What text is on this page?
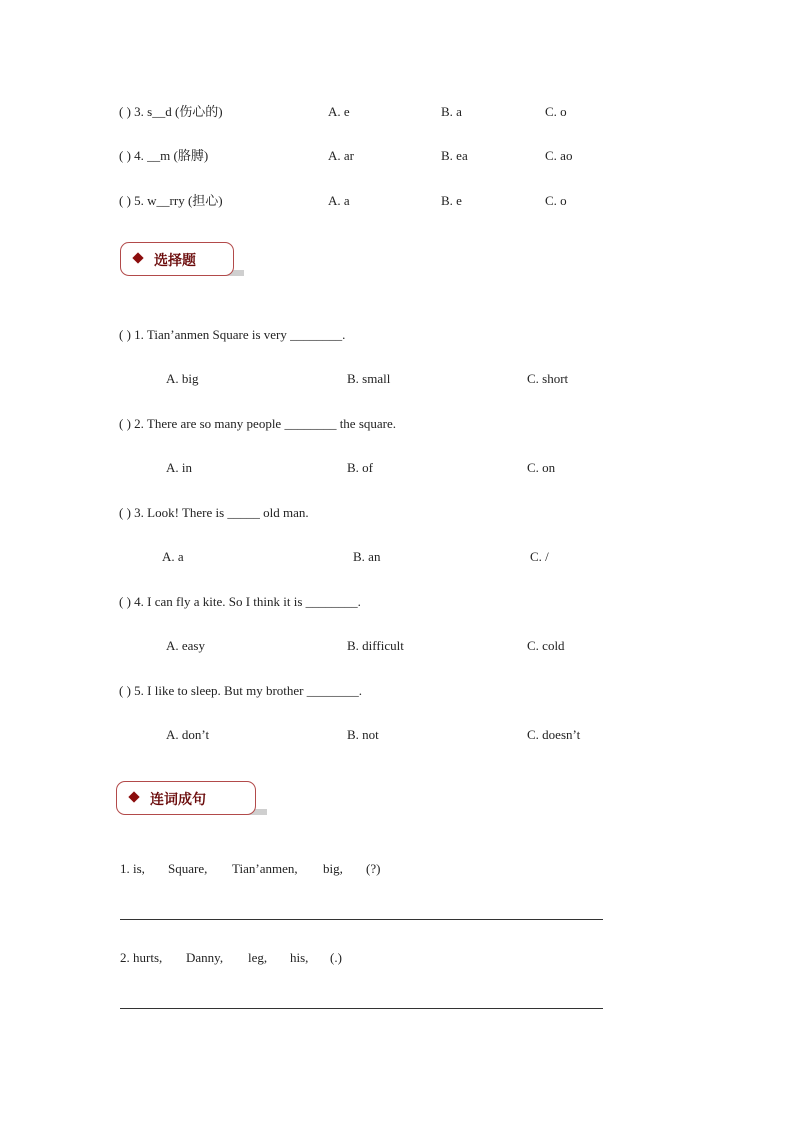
( ) 3. s__d (伤心的)	A. e	B. a	C. o
( ) 4. __m (胳膊)	A. ar	B. ea	C. ao
( ) 5. w__rry (担心)	A. a	B. e	C. o
选择题
( ) 1. Tian’anmen Square is very ________.
A. big	B. small	C. short
( ) 2. There are so many people ________ the square.
A. in	B. of	C. on
( ) 3. Look! There is _____ old man.
A. a	B. an	C. /
( ) 4. I can fly a kite. So I think it is ________.
A. easy	B. difficult	C. cold
( ) 5. I like to sleep. But my brother ________.
A. don’t	B. not	C. doesn’t
连词成句
1. is, Square, Tian’anmen, big, (?)
2. hurts, Danny, leg, his, (.)
